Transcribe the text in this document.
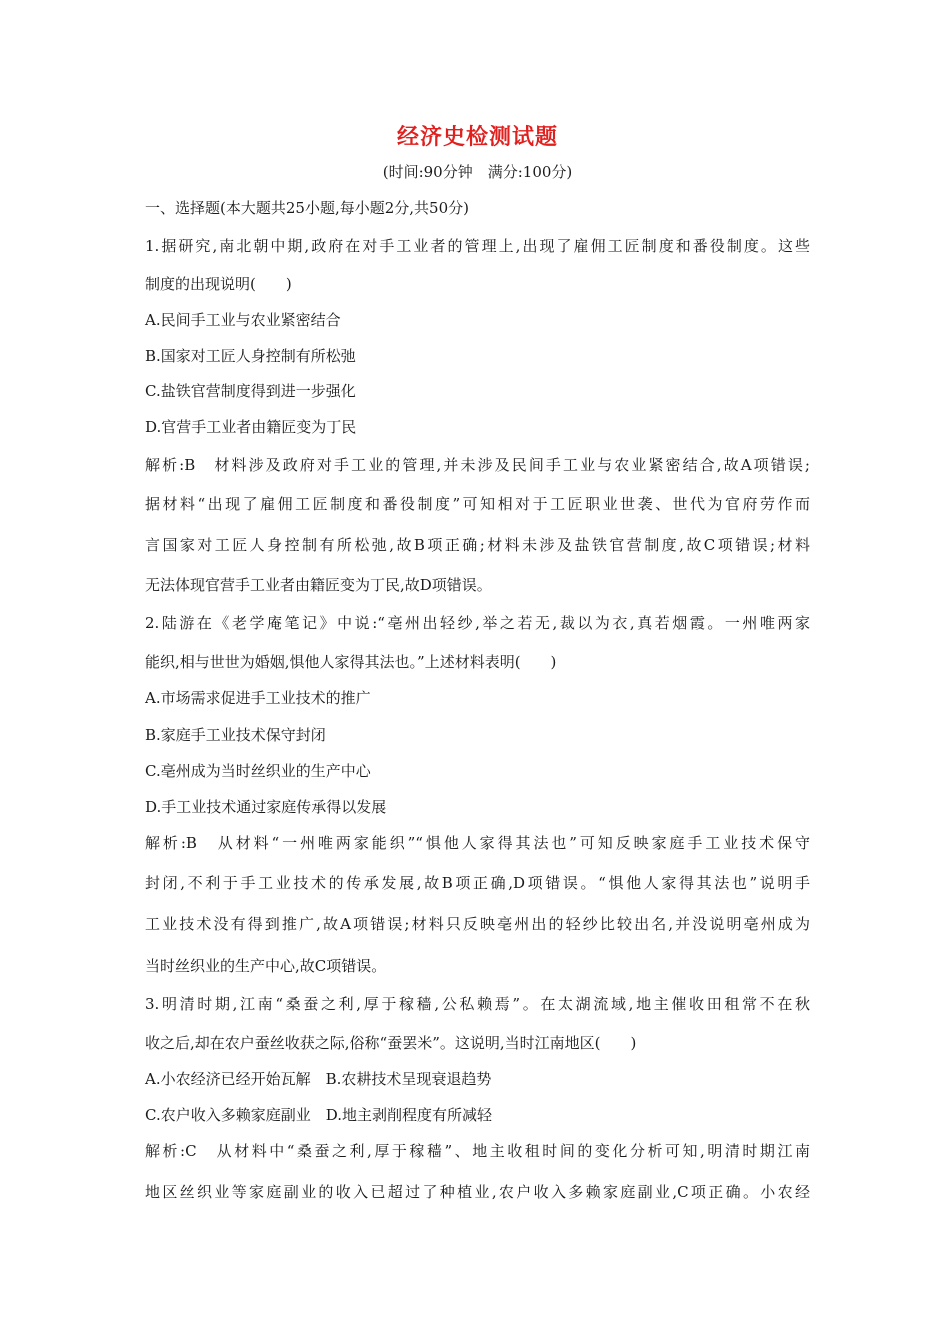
经济史检测试题
(时间:90分钟　满分:100分)
一、选择题(本大题共25小题,每小题2分,共50分)
1.据研究,南北朝中期,政府在对手工业者的管理上,出现了雇佣工匠制度和番役制度。这些
制度的出现说明(　　)
A.民间手工业与农业紧密结合
B.国家对工匠人身控制有所松弛
C.盐铁官营制度得到进一步强化
D.官营手工业者由籍匠变为丁民
解析:B　材料涉及政府对手工业的管理,并未涉及民间手工业与农业紧密结合,故A项错误;
据材料“出现了雇佣工匠制度和番役制度”可知相对于工匠职业世袭、世代为官府劳作而
言国家对工匠人身控制有所松弛,故B项正确;材料未涉及盐铁官营制度,故C项错误;材料
无法体现官营手工业者由籍匠变为丁民,故D项错误。
2.陆游在《老学庵笔记》中说:“亳州出轻纱,举之若无,裁以为衣,真若烟霞。一州唯两家
能织,相与世世为婚姻,惧他人家得其法也。”上述材料表明(　　)
A.市场需求促进手工业技术的推广
B.家庭手工业技术保守封闭
C.亳州成为当时丝织业的生产中心
D.手工业技术通过家庭传承得以发展
解析:B　从材料“一州唯两家能织”“惧他人家得其法也”可知反映家庭手工业技术保守
封闭,不利于手工业技术的传承发展,故B项正确,D项错误。“惧他人家得其法也”说明手
工业技术没有得到推广,故A项错误;材料只反映亳州出的轻纱比较出名,并没说明亳州成为
当时丝织业的生产中心,故C项错误。
3.明清时期,江南“桑蚕之利,厚于稼穑,公私赖焉”。在太湖流域,地主催收田租常不在秋
收之后,却在农户蚕丝收获之际,俗称“蚕罢米”。这说明,当时江南地区(　　)
A.小农经济已经开始瓦解　B.农耕技术呈现衰退趋势
C.农户收入多赖家庭副业　D.地主剥削程度有所减轻
解析:C　从材料中“桑蚕之利,厚于稼穑”、地主收租时间的变化分析可知,明清时期江南
地区丝织业等家庭副业的收入已超过了种植业,农户收入多赖家庭副业,C项正确。小农经
